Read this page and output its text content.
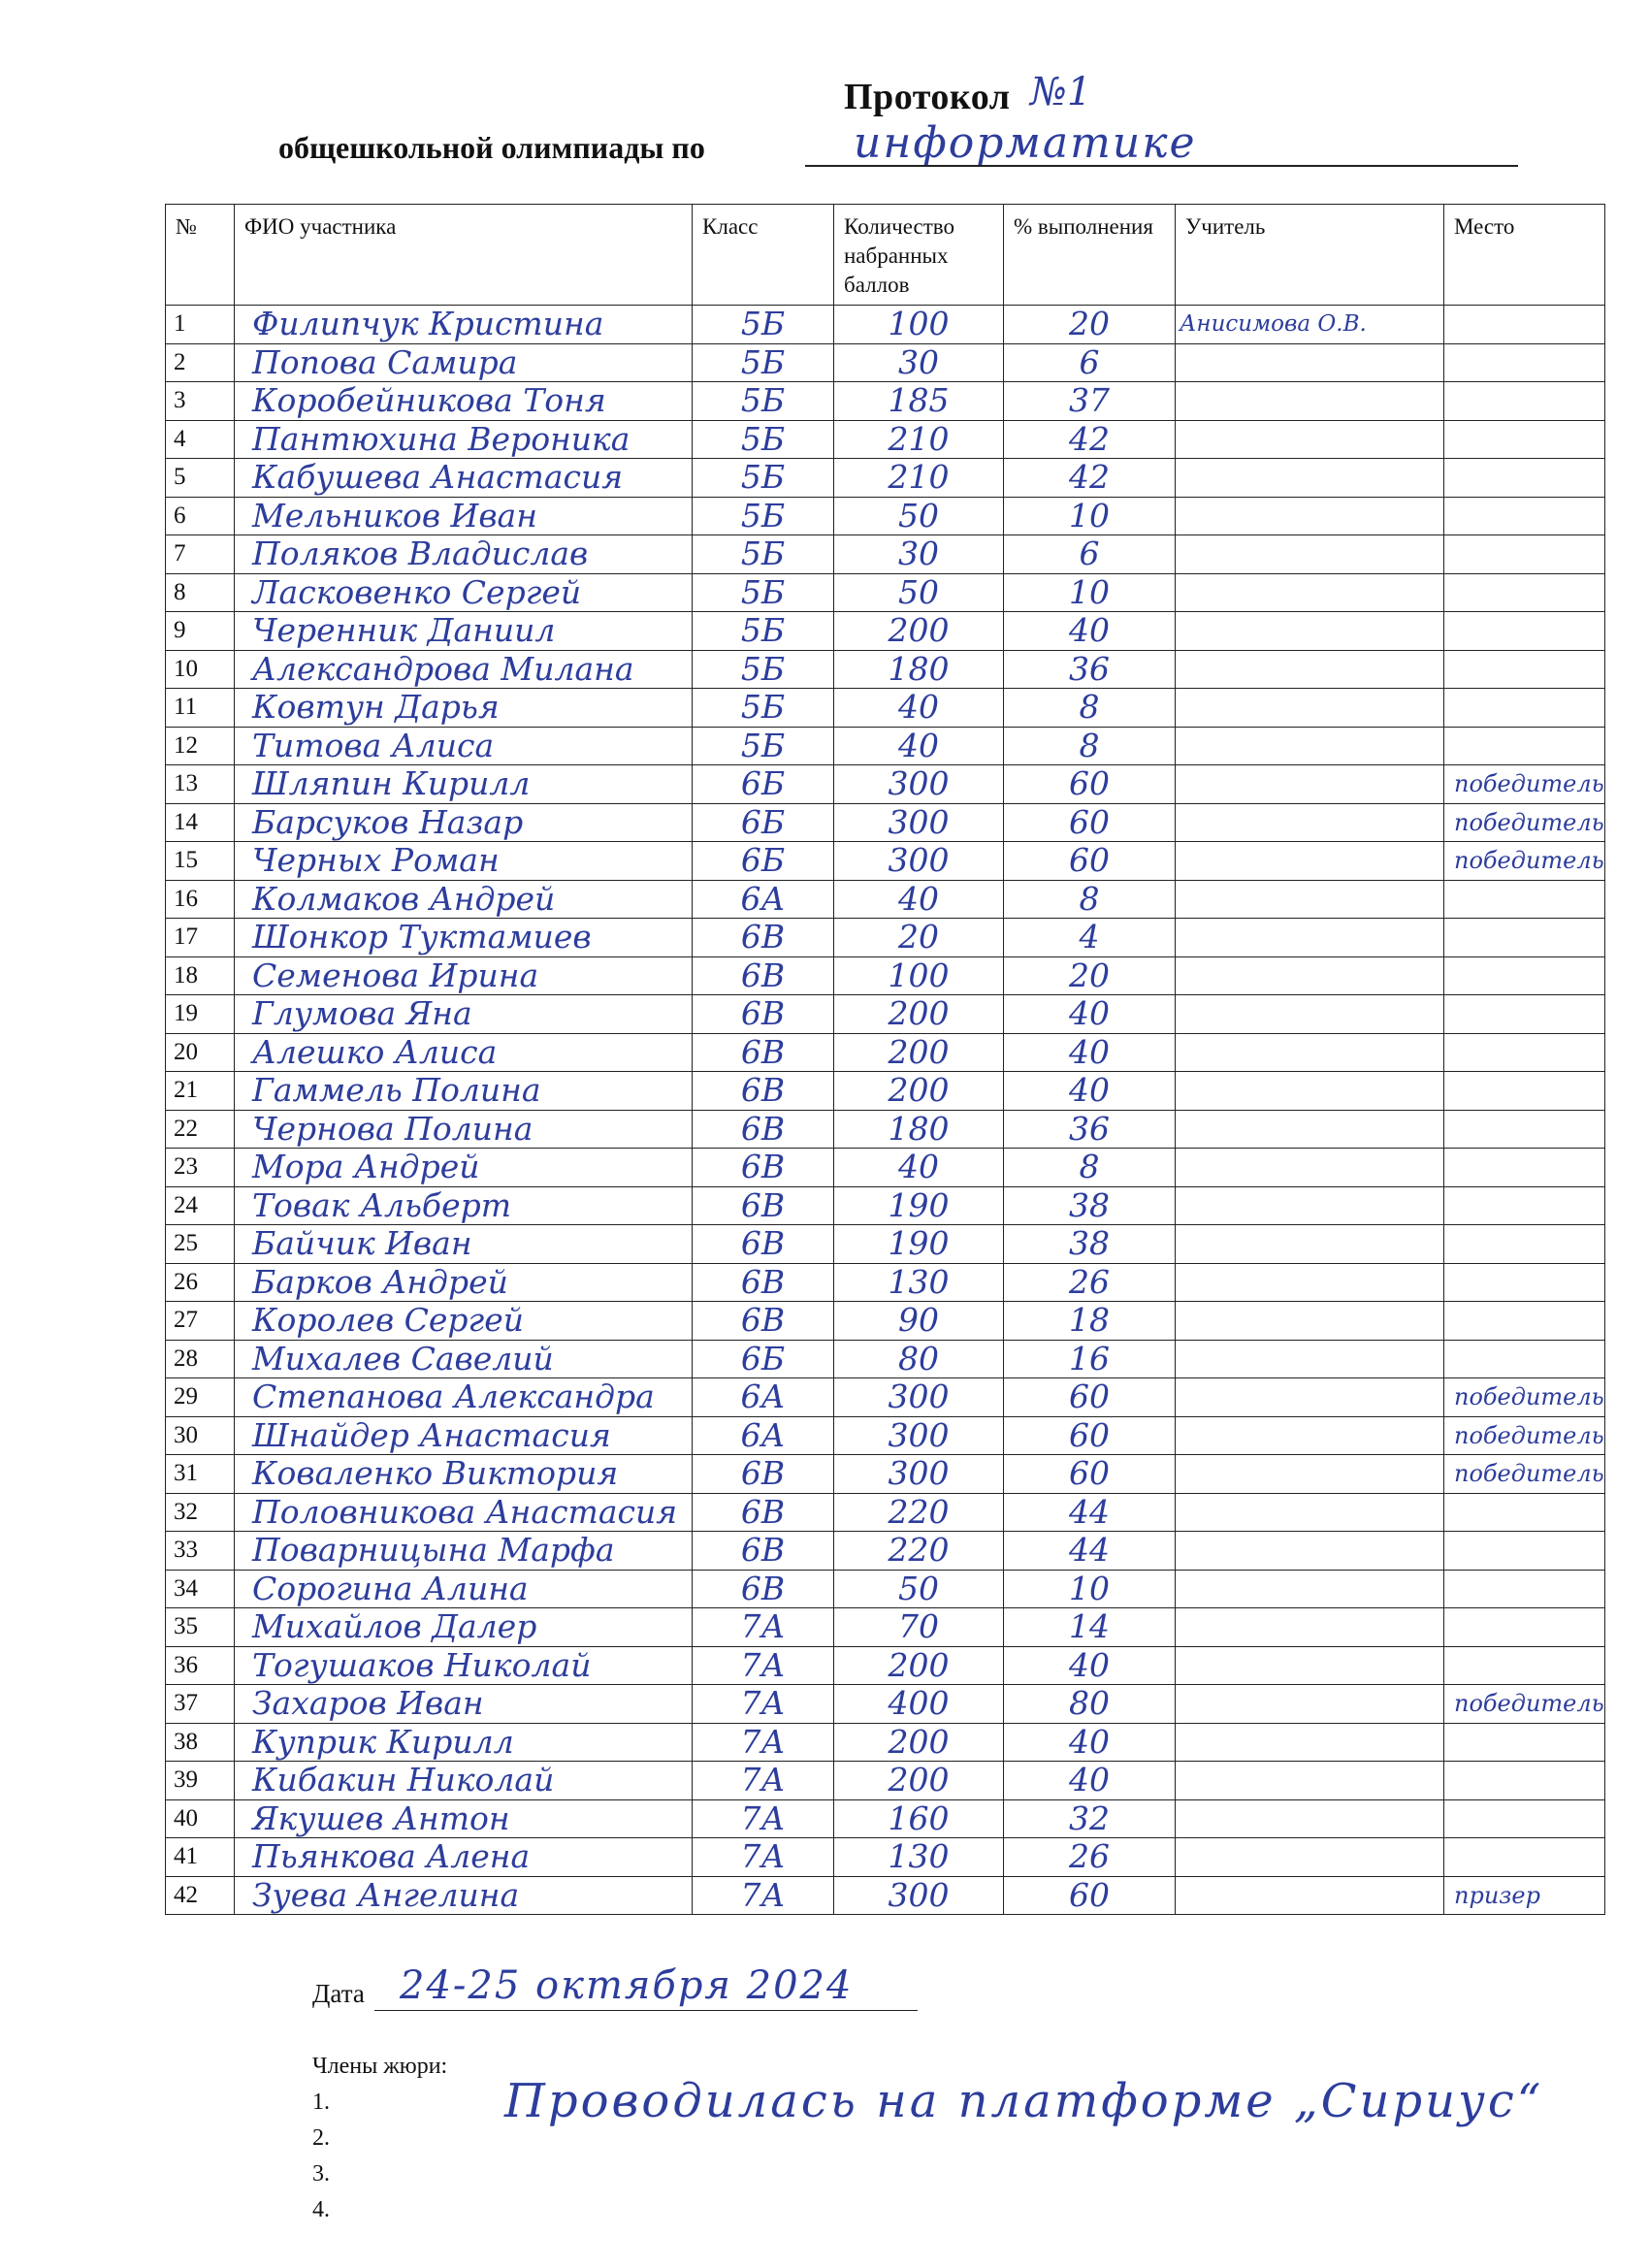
Протокол №1
общешкольной олимпиады по	информатике
№	ФИО участника	Класс	Количество набранных баллов	% выполнения	Учитель	Место
1	Филипчук Кристина	5Б	100	20	Анисимова О.В.	
2	Попова Самира	5Б	30	6		
3	Коробейникова Тоня	5Б	185	37		
4	Пантюхина Вероника	5Б	210	42		
5	Кабушева Анастасия	5Б	210	42		
6	Мельников Иван	5Б	50	10		
7	Поляков Владислав	5Б	30	6		
8	Ласковенко Сергей	5Б	50	10		
9	Черенник Даниил	5Б	200	40		
10	Александрова Милана	5Б	180	36		
11	Ковтун Дарья	5Б	40	8		
12	Титова Алиса	5Б	40	8		
13	Шляпин Кирилл	6Б	300	60		победитель
14	Барсуков Назар	6Б	300	60		победитель
15	Черных Роман	6Б	300	60		победитель
16	Колмаков Андрей	6А	40	8		
17	Шонкор Туктамиев	6В	20	4		
18	Семенова Ирина	6В	100	20		
19	Глумова Яна	6В	200	40		
20	Алешко Алиса	6В	200	40		
21	Гаммель Полина	6В	200	40		
22	Чернова Полина	6В	180	36		
23	Мора Андрей	6В	40	8		
24	Товак Альберт	6В	190	38		
25	Байчик Иван	6В	190	38		
26	Барков Андрей	6В	130	26		
27	Королев Сергей	6В	90	18		
28	Михалев Савелий	6Б	80	16		
29	Степанова Александра	6А	300	60		победитель
30	Шнайдер Анастасия	6А	300	60		победитель
31	Коваленко Виктория	6В	300	60		победитель
32	Половникова Анастасия	6В	220	44		
33	Поварницына Марфа	6В	220	44		
34	Сорогина Алина	6В	50	10		
35	Михайлов Далер	7А	70	14		
36	Тогушаков Николай	7А	200	40		
37	Захаров Иван	7А	400	80		победитель
38	Куприк Кирилл	7А	200	40		
39	Кибакин Николай	7А	200	40		
40	Якушев Антон	7А	160	32		
41	Пьянкова Алена	7А	130	26		
42	Зуева Ангелина	7А	300	60		призер
Дата 24-25 октября 2024
Члены жюри:
1.
2.
3.
4.
Проводилась на платформе „Сириус“
